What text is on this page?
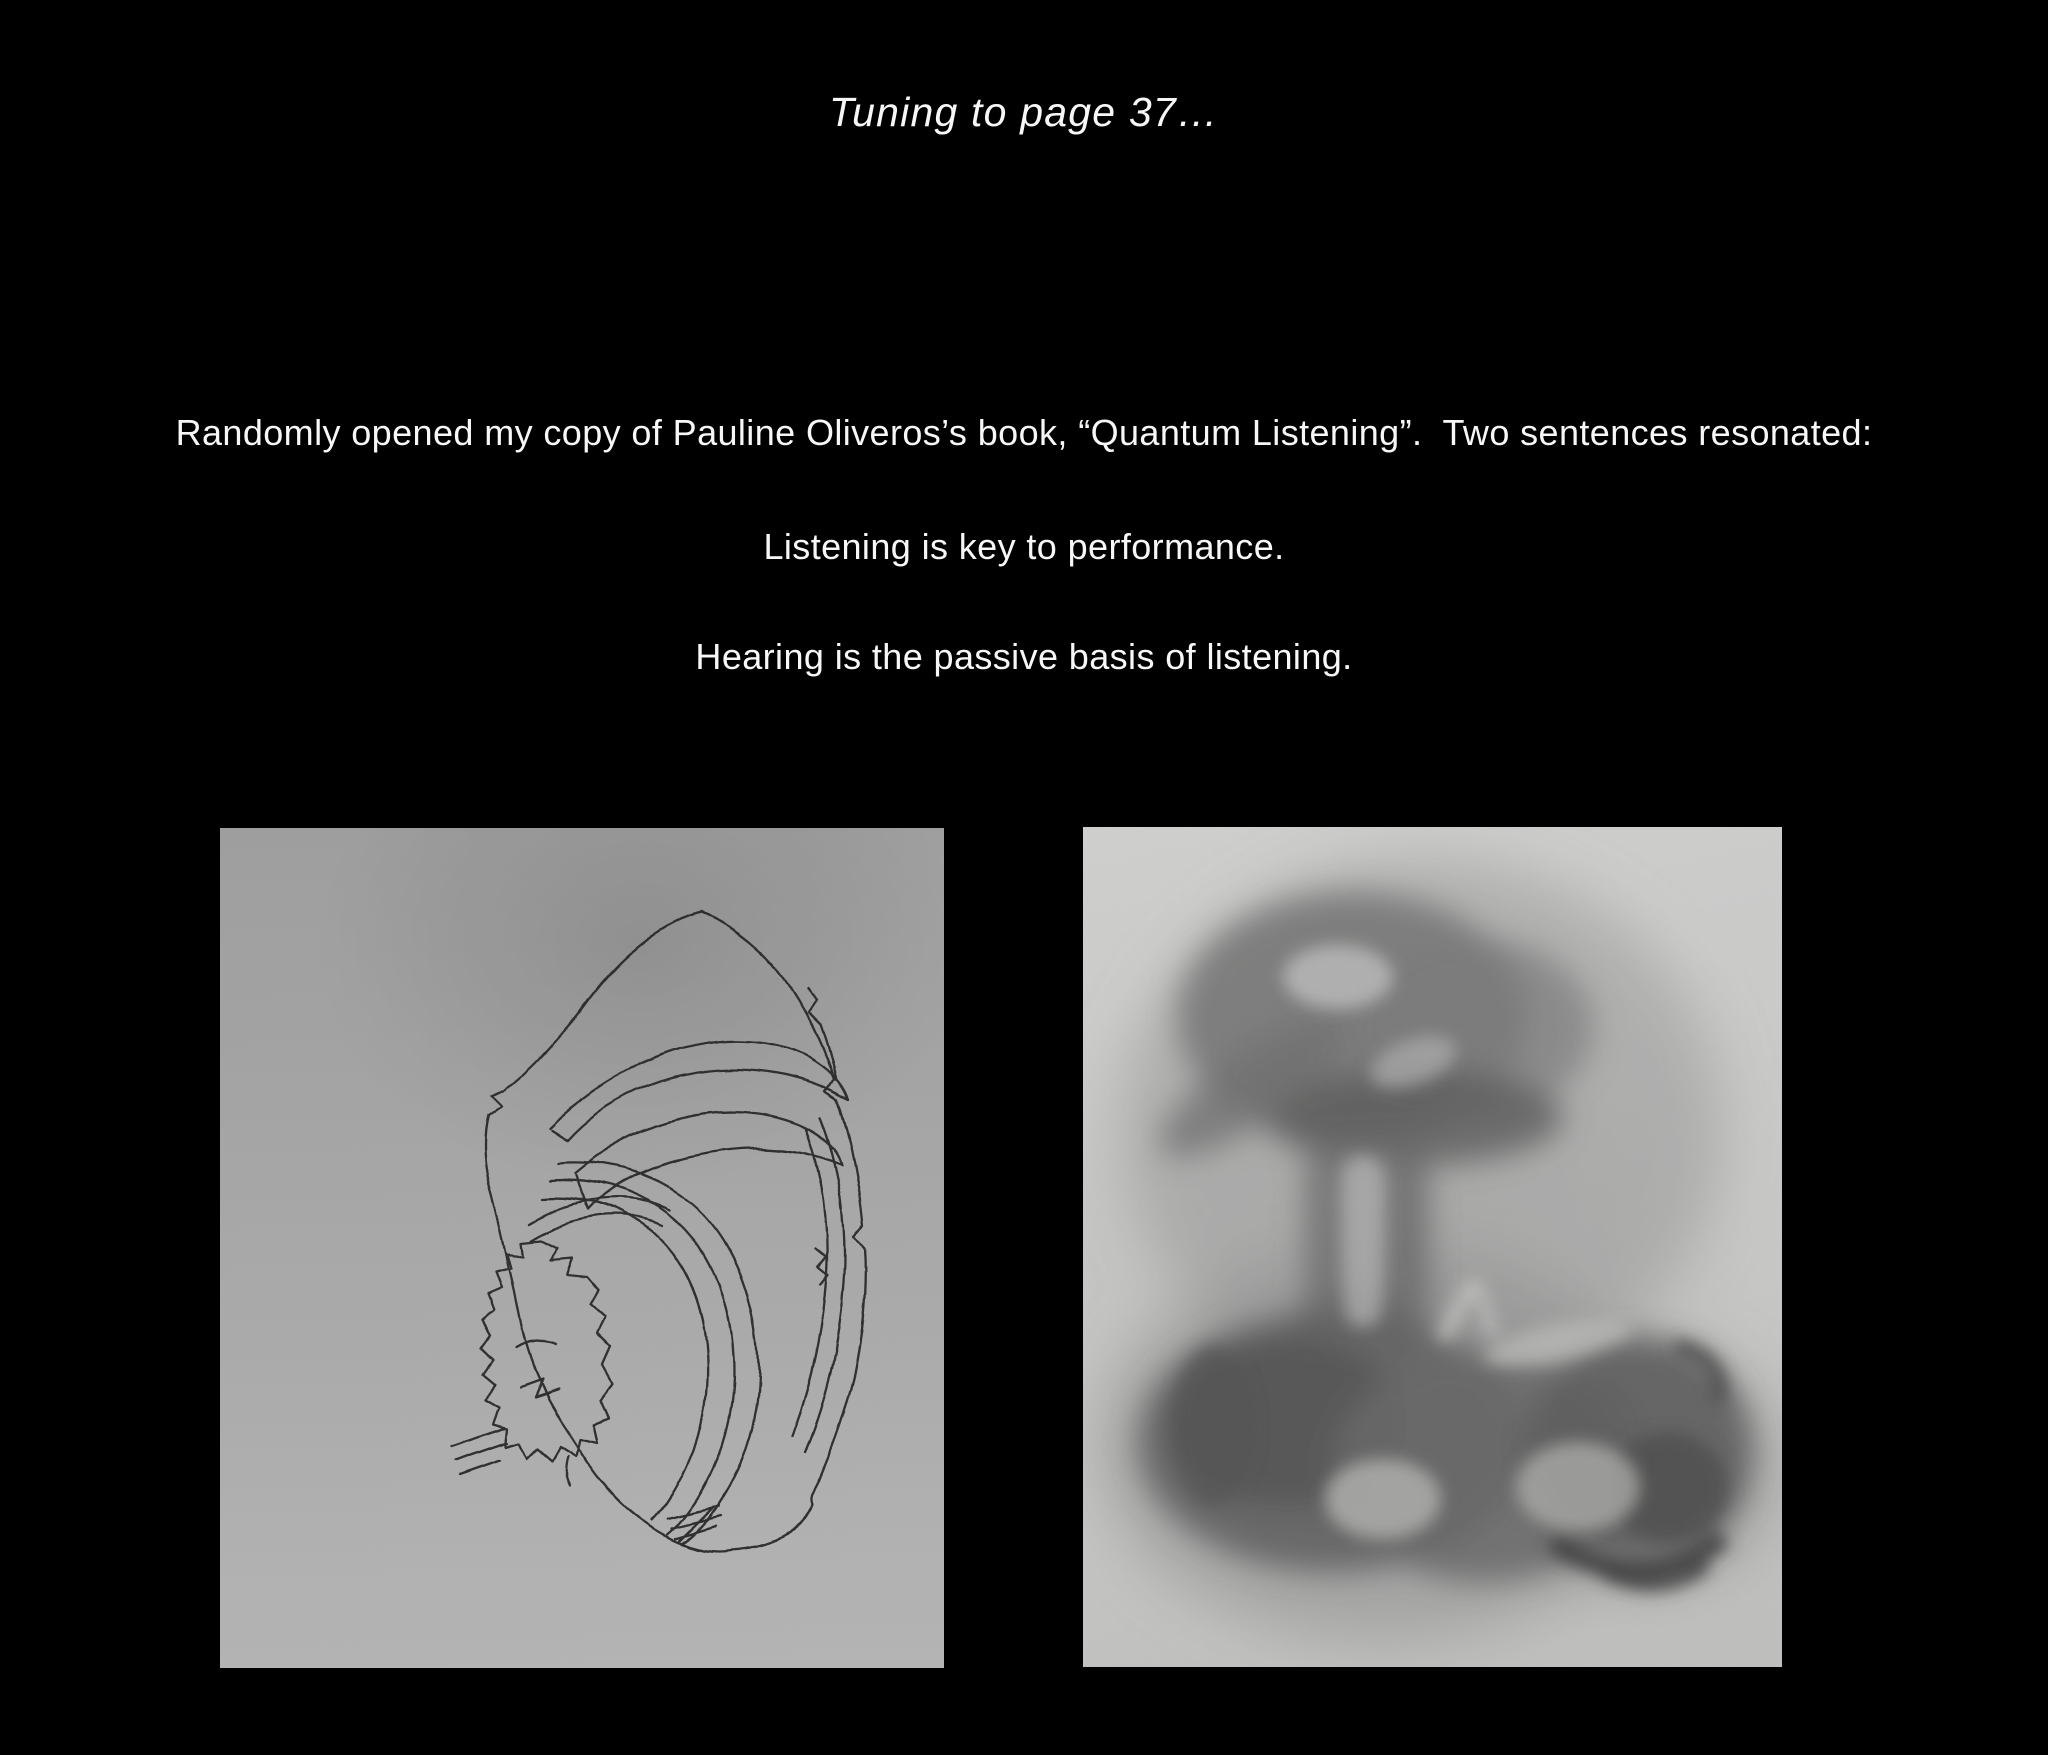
Tuning to page 37…
Randomly opened my copy of Pauline Oliveros’s book, “Quantum Listening”.  Two sentences resonated:
Listening is key to performance.
Hearing is the passive basis of listening.
